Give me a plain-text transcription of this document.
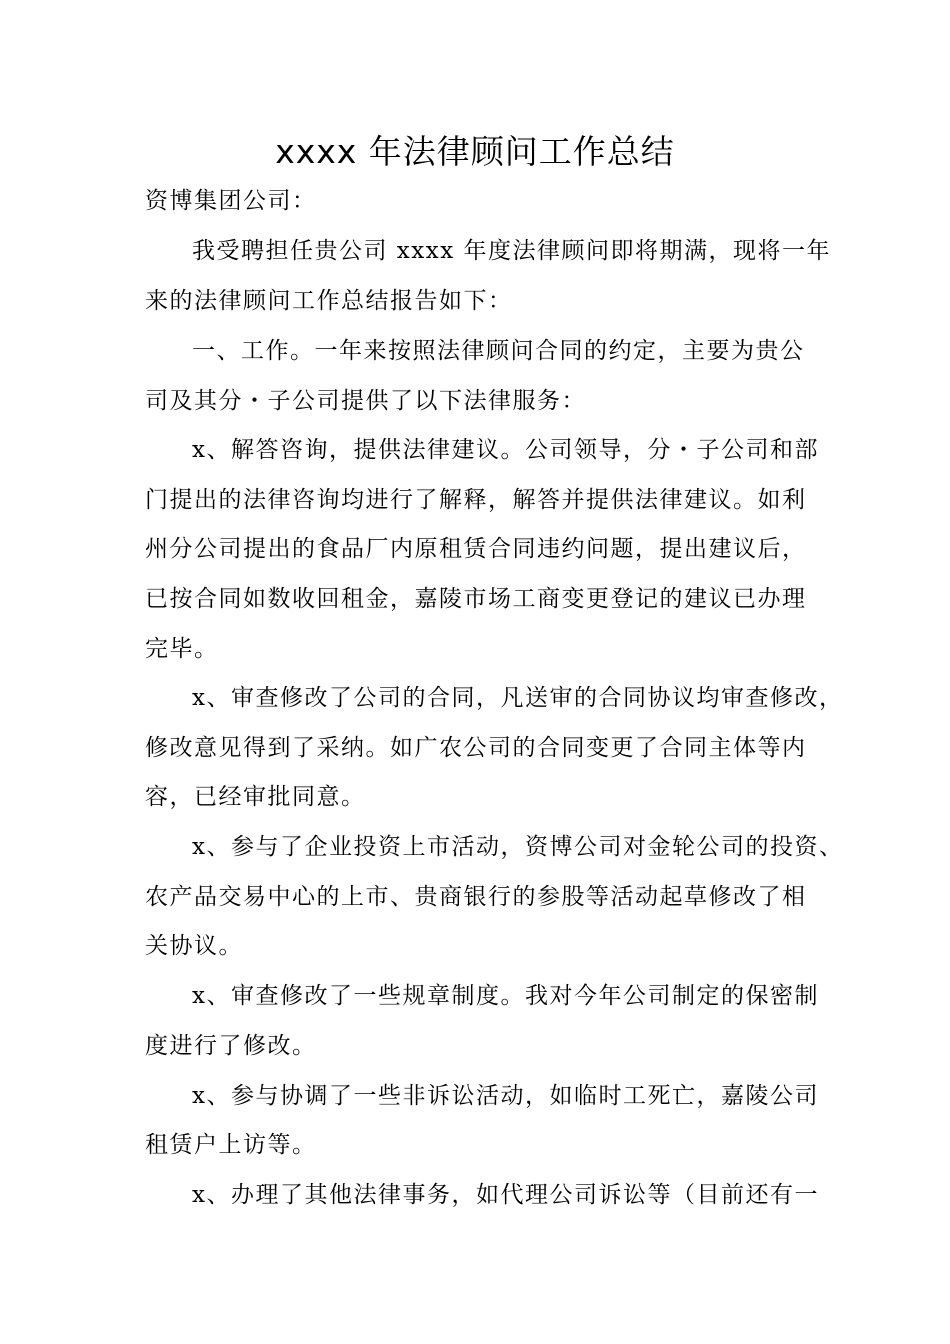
xxxx 年法律顾问工作总结
资博集团公司：
我受聘担任贵公司 xxxx 年度法律顾问即将期满，现将一年
来的法律顾问工作总结报告如下：
一、工作。一年来按照法律顾问合同的约定，主要为贵公
司及其分・子公司提供了以下法律服务：
x、解答咨询，提供法律建议。公司领导，分・子公司和部
门提出的法律咨询均进行了解释，解答并提供法律建议。如利
州分公司提出的食品厂内原租赁合同违约问题，提出建议后，
已按合同如数收回租金，嘉陵市场工商变更登记的建议已办理
完毕。
x、审查修改了公司的合同，凡送审的合同协议均审查修改，
修改意见得到了采纳。如广农公司的合同变更了合同主体等内
容，已经审批同意。
x、参与了企业投资上市活动，资博公司对金轮公司的投资、
农产品交易中心的上市、贵商银行的参股等活动起草修改了相
关协议。
x、审查修改了一些规章制度。我对今年公司制定的保密制
度进行了修改。
x、参与协调了一些非诉讼活动，如临时工死亡，嘉陵公司
租赁户上访等。
x、办理了其他法律事务，如代理公司诉讼等（目前还有一
